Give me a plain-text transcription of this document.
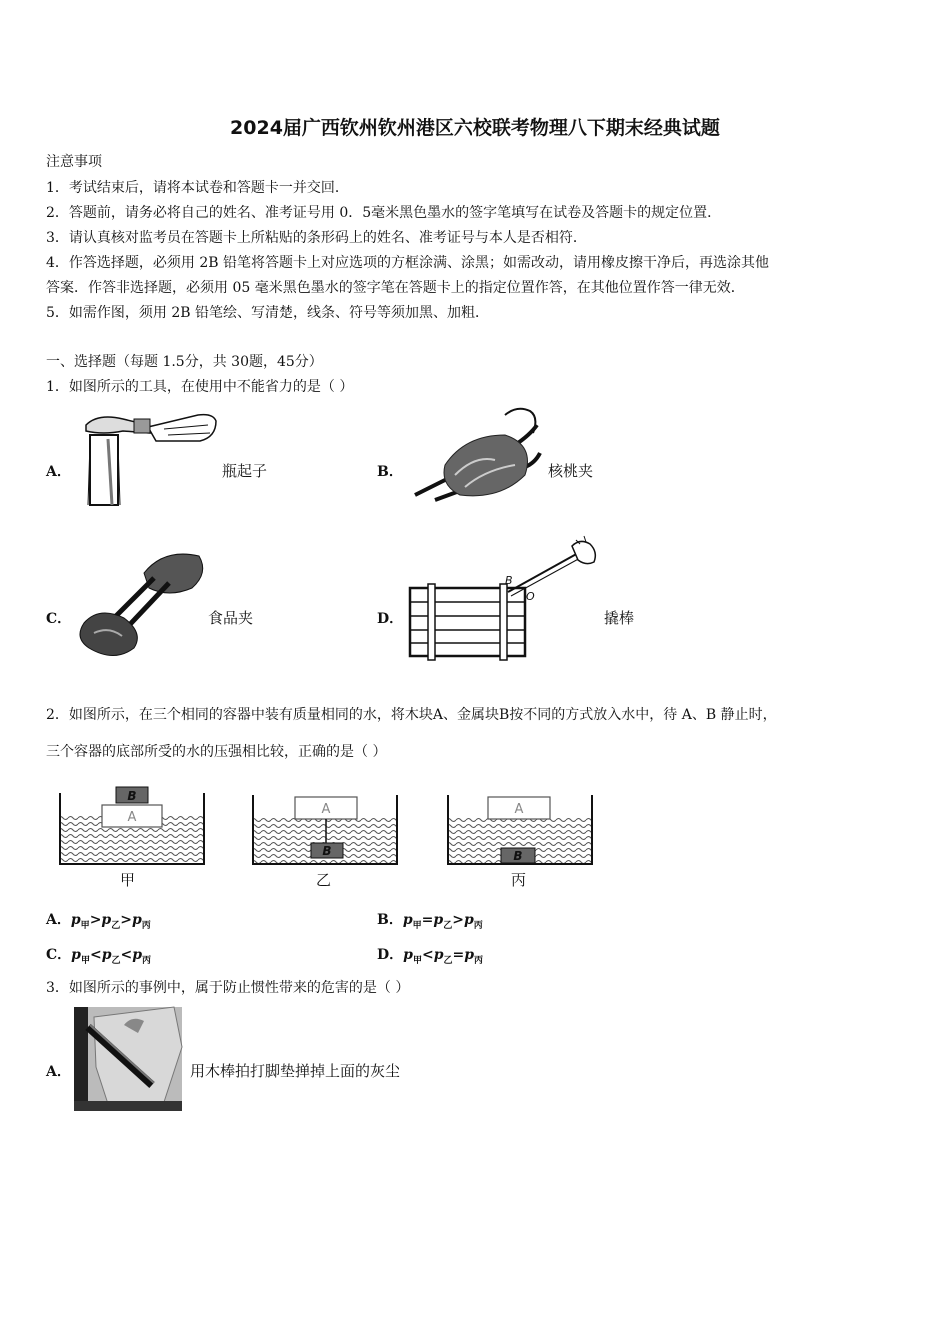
2024届广西钦州钦州港区六校联考物理八下期末经典试题
注意事项
1．考试结束后，请将本试卷和答题卡一并交回．
2．答题前，请务必将自己的姓名、准考证号用 0．5毫米黑色墨水的签字笔填写在试卷及答题卡的规定位置．
3．请认真核对监考员在答题卡上所粘贴的条形码上的姓名、准考证号与本人是否相符．
4．作答选择题，必须用 2B 铅笔将答题卡上对应选项的方框涂满、涂黑；如需改动，请用橡皮擦干净后，再选涂其他
答案．作答非选择题，必须用 05 毫米黑色墨水的签字笔在答题卡上的指定位置作答，在其他位置作答一律无效．
5．如需作图，须用 2B 铅笔绘、写清楚，线条、符号等须加黑、加粗．
一、选择题（每题 1.5分，共 30题，45分）
1．如图所示的工具，在使用中不能省力的是（ ）
A．	瓶起子	B．	核桃夹
C．	食品夹	D．
B
O
撬棒
2．如图所示，在三个相同的容器中装有质量相同的水，将木块A、金属块B按不同的方式放入水中，待 A、B 静止时，
三个容器的底部所受的水的压强相比较，正确的是（ ）
A
B
甲
A
B
乙
A
B
丙
A．$p_甲>p_乙>p_丙$	B．$p_甲=p_乙>p_丙$
C．$p_甲<p_乙<p_丙$	D．$p_甲<p_乙=p_丙$
3．如图所示的事例中，属于防止惯性带来的危害的是（ ）
A．	用木棒拍打脚垫掸掉上面的灰尘
